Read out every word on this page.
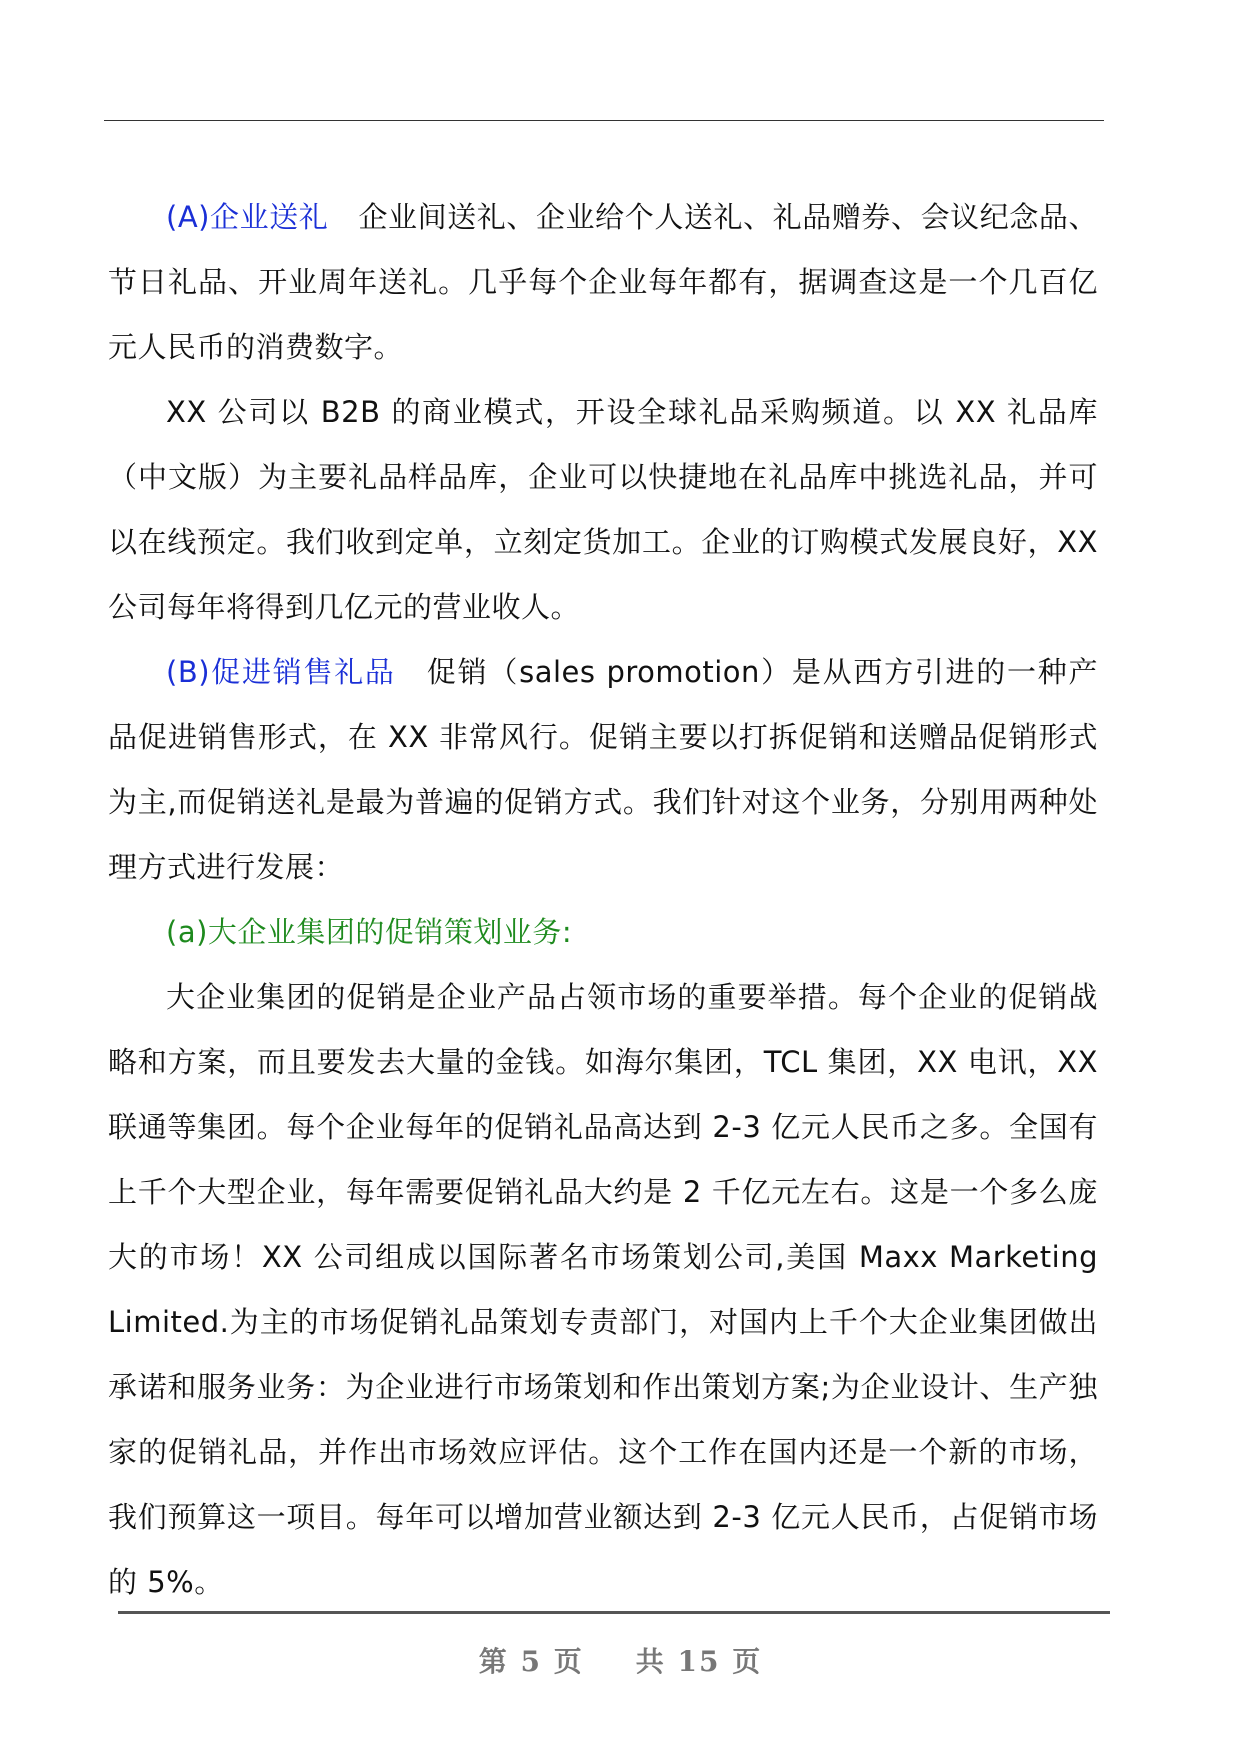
(A)企业送礼 企业间送礼、企业给个人送礼、礼品赠券、会议纪念品、节日礼品、开业周年送礼。几乎每个企业每年都有，据调查这是一个几百亿元人民币的消费数字。

XX 公司以 B2B 的商业模式，开设全球礼品采购频道。以 XX 礼品库（中文版）为主要礼品样品库，企业可以快捷地在礼品库中挑选礼品，并可以在线预定。我们收到定单，立刻定货加工。企业的订购模式发展良好，XX 公司每年将得到几亿元的营业收人。

(B)促进销售礼品 促销（sales promotion）是从西方引进的一种产品促进销售形式，在 XX 非常风行。促销主要以打拆促销和送赠品促销形式为主,而促销送礼是最为普遍的促销方式。我们针对这个业务，分别用两种处理方式进行发展：

(a)大企业集团的促销策划业务:

大企业集团的促销是企业产品占领市场的重要举措。每个企业的促销战略和方案，而且要发去大量的金钱。如海尔集团，TCL 集团，XX 电讯，XX 联通等集团。每个企业每年的促销礼品高达到 2-3 亿元人民币之多。全国有上千个大型企业，每年需要促销礼品大约是 2 千亿元左右。这是一个多么庞大的市场！XX 公司组成以国际著名市场策划公司,美国 Maxx Marketing Limited.为主的市场促销礼品策划专责部门，对国内上千个大企业集团做出承诺和服务业务：为企业进行市场策划和作出策划方案;为企业设计、生产独家的促销礼品，并作出市场效应评估。这个工作在国内还是一个新的市场，我们预算这一项目。每年可以增加营业额达到 2-3 亿元人民币，占促销市场的 5%。

第 5 页 共 15 页
